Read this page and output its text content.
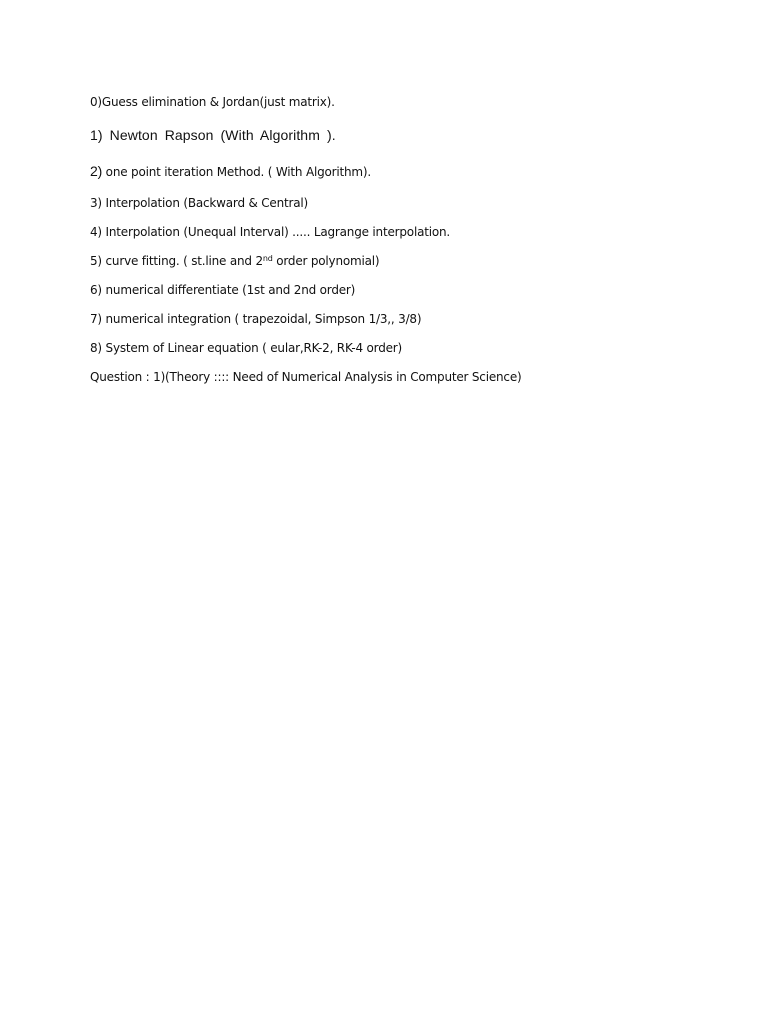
0)Guess elimination & Jordan(just matrix).

1) Newton Rapson (With Algorithm ).

2) one point iteration Method. ( With Algorithm).

3) Interpolation (Backward & Central)

4) Interpolation (Unequal Interval) ..... Lagrange interpolation.

5) curve fitting. ( st.line and 2nd order polynomial)

6) numerical differentiate (1st and 2nd order)

7) numerical integration ( trapezoidal, Simpson 1/3,, 3/8)

8) System of Linear equation ( eular,RK-2, RK-4 order)

Question : 1)(Theory :::: Need of Numerical Analysis in Computer Science)
